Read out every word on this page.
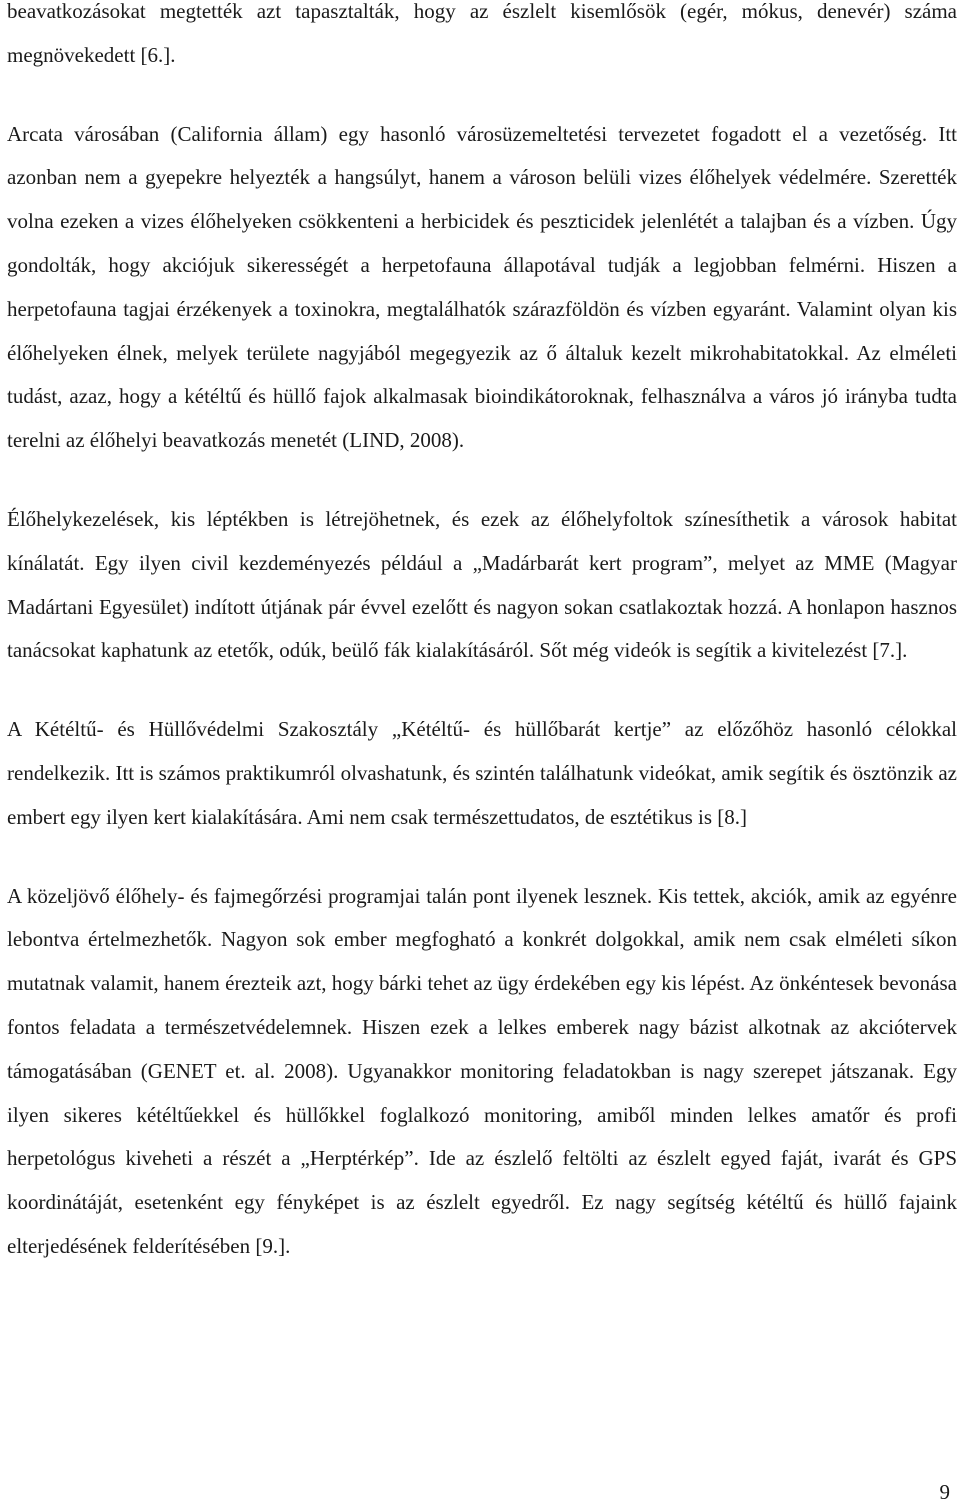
beavatkozásokat megtették azt tapasztalták, hogy az észlelt kisemlősök (egér, mókus, denevér) száma megnövekedett [6.].

Arcata városában (California állam) egy hasonló városüzemeltetési tervezetet fogadott el a vezetőség. Itt azonban nem a gyepekre helyezték a hangsúlyt, hanem a városon belüli vizes élőhelyek védelmére. Szerették volna ezeken a vizes élőhelyeken csökkenteni a herbicidek és peszticidek jelenlétét a talajban és a vízben. Úgy gondolták, hogy akciójuk sikerességét a herpetofauna állapotával tudják a legjobban felmérni. Hiszen a herpetofauna tagjai érzékenyek a toxinokra, megtalálhatók szárazföldön és vízben egyaránt. Valamint olyan kis élőhelyeken élnek, melyek területe nagyjából megegyezik az ő általuk kezelt mikrohabitatokkal. Az elméleti tudást, azaz, hogy a kétéltű és hüllő fajok alkalmasak bioindikátoroknak, felhasználva a város jó irányba tudta terelni az élőhelyi beavatkozás menetét (LIND, 2008).

Élőhelykezelések, kis léptékben is létrejöhetnek, és ezek az élőhelyfoltok színesíthetik a városok habitat kínálatát. Egy ilyen civil kezdeményezés például a „Madárbarát kert program”, melyet az MME (Magyar Madártani Egyesület) indított útjának pár évvel ezelőtt és nagyon sokan csatlakoztak hozzá. A honlapon hasznos tanácsokat kaphatunk az etetők, odúk, beülő fák kialakításáról. Sőt még videók is segítik a kivitelezést [7.].

A Kétéltű- és Hüllővédelmi Szakosztály „Kétéltű- és hüllőbarát kertje” az előzőhöz hasonló célokkal rendelkezik. Itt is számos praktikumról olvashatunk, és szintén találhatunk videókat, amik segítik és ösztönzik az embert egy ilyen kert kialakítására. Ami nem csak természettudatos, de esztétikus is [8.]

A közeljövő élőhely- és fajmegőrzési programjai talán pont ilyenek lesznek. Kis tettek, akciók, amik az egyénre lebontva értelmezhetők. Nagyon sok ember megfogható a konkrét dolgokkal, amik nem csak elméleti síkon mutatnak valamit, hanem érezteik azt, hogy bárki tehet az ügy érdekében egy kis lépést. Az önkéntesek bevonása fontos feladata a természetvédelemnek. Hiszen ezek a lelkes emberek nagy bázist alkotnak az akciótervek támogatásában (GENET et. al. 2008). Ugyanakkor monitoring feladatokban is nagy szerepet játszanak. Egy ilyen sikeres kétéltűekkel és hüllőkkel foglalkozó monitoring, amiből minden lelkes amatőr és profi herpetológus kiveheti a részét a „Herptérkép”. Ide az észlelő feltölti az észlelt egyed faját, ivarát és GPS koordinátáját, esetenként egy fényképet is az észlelt egyedről. Ez nagy segítség kétéltű és hüllő fajaink elterjedésének felderítésében [9.].

9
